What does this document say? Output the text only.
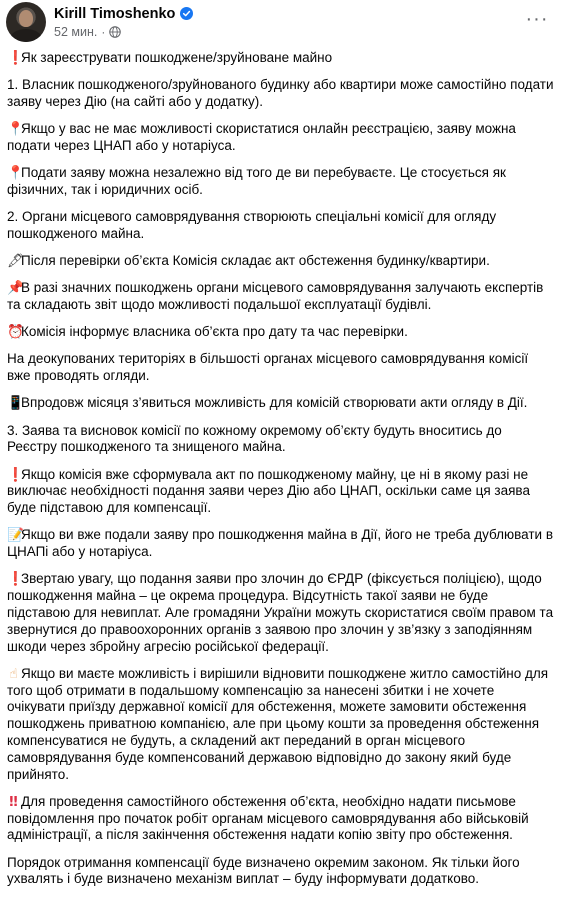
Kirill Timoshenko
52 мин. ·
···
❗Як зареєструвати пошкоджене/зруйноване майно
1. Власник пошкодженого/зруйнованого будинку або квартири може самостійно подати заяву через Дію (на сайті або у додатку).
📍Якщо у вас не має можливості скористатися онлайн реєстрацією, заяву можна подати через ЦНАП або у нотаріуса.
📍Подати заяву можна незалежно від того де ви перебуваєте. Це стосується як фізичних, так і юридичних осіб.
2. Органи місцевого самоврядування створюють спеціальні комісії для огляду пошкодженого майна.
🖋Після перевірки об’єкта Комісія складає акт обстеження будинку/квартири.
📌В разі значних пошкоджень органи місцевого самоврядування залучають експертів та складають звіт щодо можливості подальшої експлуатації будівлі.
⏰Комісія інформує власника об’єкта про дату та час перевірки.
На деокупованих територіях в більшості органах місцевого самоврядування комісії вже проводять огляди.
📱Впродовж місяця з’явиться можливість для комісій створювати акти огляду в Дії.
3. Заява та висновок комісії по кожному окремому об’єкту будуть вноситись до Реєстру пошкодженого та знищеного майна.
❗Якщо комісія вже сформувала акт по пошкодженому майну, це ні в якому разі не виключає необхідності подання заяви через Дію або ЦНАП, оскільки саме ця заява буде підставою для компенсації.
📝Якщо ви вже подали заяву про пошкодження майна в Дії, його не треба дублювати в ЦНАПі або у нотаріуса.
❗Звертаю увагу, що подання заяви про злочин до ЄРДР (фіксується поліцією), щодо пошкодження майна – це окрема процедура. Відсутність такої заяви не буде підставою для невиплат. Але громадяни України можуть скористатися своїм правом та звернутися до правоохоронних органів з заявою про злочин у зв’язку з заподіянням шкоди через збройну агресію російської федерації.
☝ Якщо ви маєте можливість і вирішили відновити пошкоджене житло самостійно для того щоб отримати в подальшому компенсацію за нанесені збитки і не хочете очікувати приїзду державної комісії для обстеження, можете замовити обстеження пошкоджень приватною компанією, але при цьому кошти за проведення обстеження компенсуватися не будуть, а складений акт переданий в орган місцевого самоврядування буде компенсований державою відповідно до закону який буде прийнято.
‼ Для проведення самостійного обстеження об’єкта, необхідно надати письмове повідомлення про початок робіт органам місцевого самоврядування або військовій адміністрації, а після закінчення обстеження надати копію звіту про обстеження.
Порядок отримання компенсації буде визначено окремим законом. Як тільки його ухвалять і буде визначено механізм виплат – буду інформувати додатково.
